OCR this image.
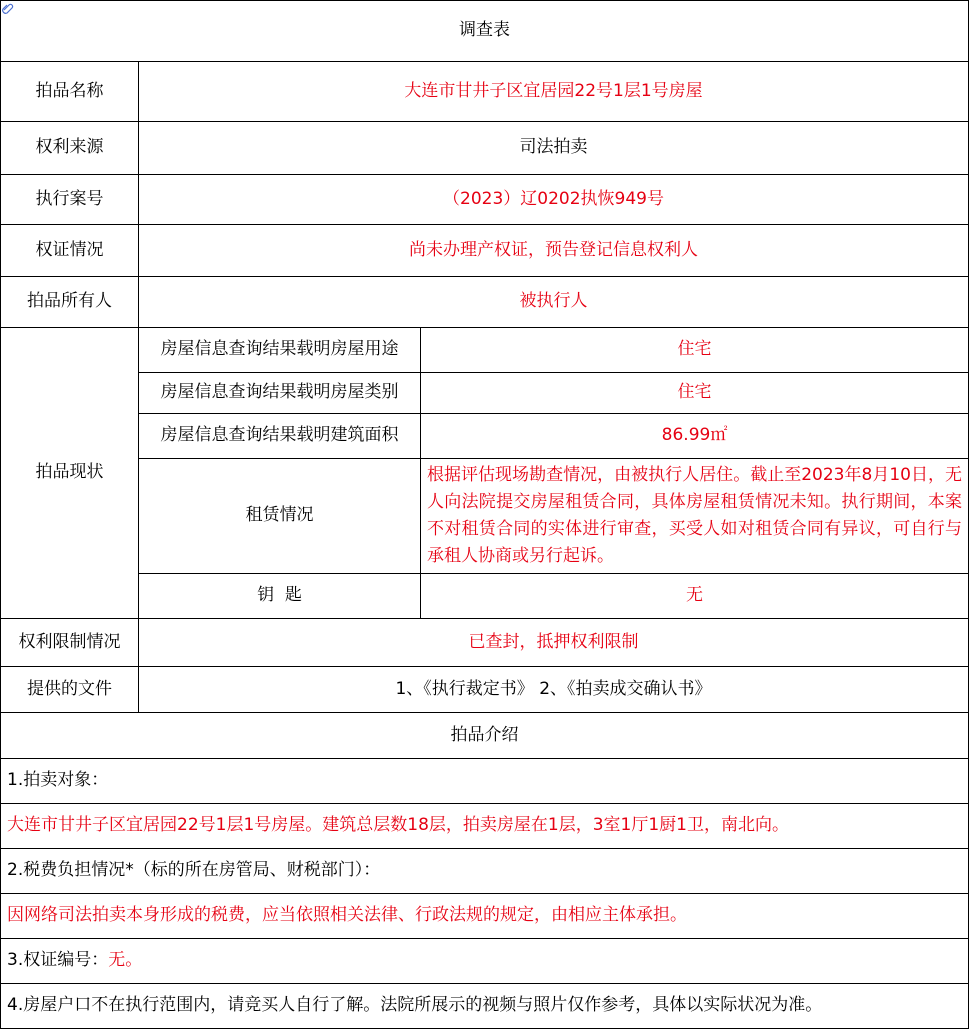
调查表		
拍品名称	大连市甘井子区宜居园22号1层1号房屋	
权利来源	司法拍卖	
执行案号	（2023）辽0202执恢949号	
权证情况	尚未办理产权证，预告登记信息权利人	
拍品所有人	被执行人	
拍品现状	房屋信息查询结果载明房屋用途	住宅
	房屋信息查询结果载明房屋类别	住宅
	房屋信息查询结果载明建筑面积	86.99㎡
	租赁情况	根据评估现场勘查情况，由被执行人居住。截止至2023年8月10日，无人向法院提交房屋租赁合同，具体房屋租赁情况未知。执行期间，本案不对租赁合同的实体进行审查，买受人如对租赁合同有异议，可自行与承租人协商或另行起诉。
	钥 匙	无
权利限制情况	已查封，抵押权利限制	
提供的文件	1、《执行裁定书》 2、《拍卖成交确认书》	
拍品介绍		
1.拍卖对象：		
大连市甘井子区宜居园22号1层1号房屋。建筑总层数18层，拍卖房屋在1层，3室1厅1厨1卫，南北向。		
2.税费负担情况*（标的所在房管局、财税部门）：		
因网络司法拍卖本身形成的税费，应当依照相关法律、行政法规的规定，由相应主体承担。		
3.权证编号：无。		
4.房屋户口不在执行范围内，请竞买人自行了解。法院所展示的视频与照片仅作参考，具体以实际状况为准。		
